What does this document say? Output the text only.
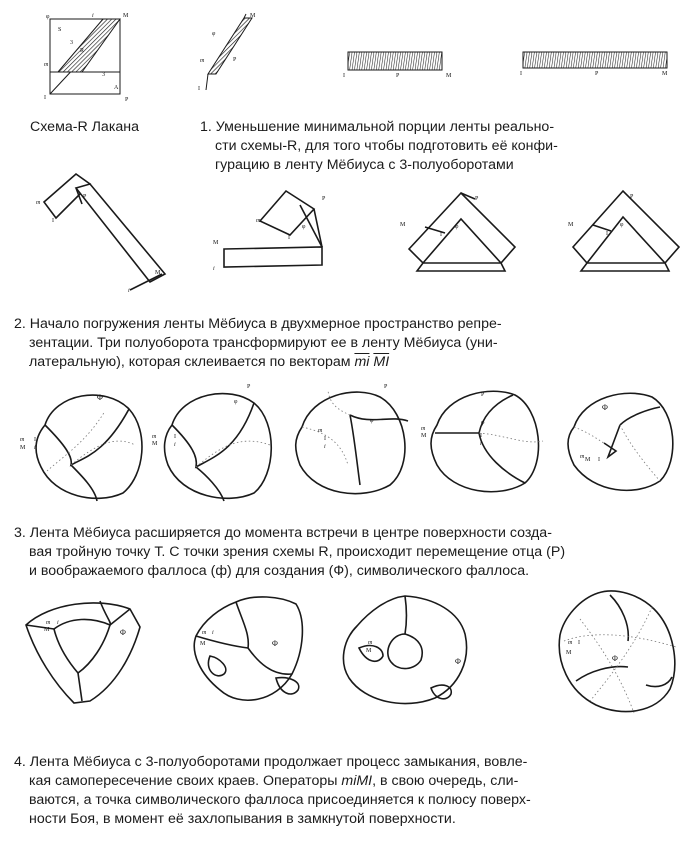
φ
S
i	M
3
R
m
3
I
A
P
φ
M
m	P
I
I	P	M	I	P	M
Схема-R Лакана	1. Уменьшение минимальной порции ленты реально-
сти схемы-R, для того чтобы подготовить её конфи-
гурацию в ленту Мёбиуса с 3-полуоборотами
m
I
P
M
i
m
I
φ
P
M
i
P
M
I
φ
P
M
I
φ
2. Начало погружения ленты Мёбиуса в двухмерное пространство репре-
зентации. Три полуоборота трансформируют ее в ленту Мёбиуса (уни-
латеральную), которая склеивается по векторам $\overline{mi}$ $\overline{MI}$
Φ
m
M
I
i
P
φ
m
M
I
i
P
φ
m
I
i
P
φ
m
M	I
i
Φ
m M I
3. Лента Мёбиуса расширяется до момента встречи в центре поверхности созда-
вая тройную точку Т. С точки зрения схемы R, происходит перемещение отца (Р)
и воображаемого фаллоса (ф) для создания (Ф), символического фаллоса.
m
M
i
Φ	m
M
i
Φ	m
M
Φ
m
M
I
Φ
4. Лента Мёбиуса с 3-полуоборотами продолжает процесс замыкания, вовле-
кая самопересечение своих краев. Операторы miMI, в свою очередь, сли-
ваются, а точка символического фаллоса присоединяется к полюсу поверх-
ности Боя, в момент её захлопывания в замкнутой поверхности.
